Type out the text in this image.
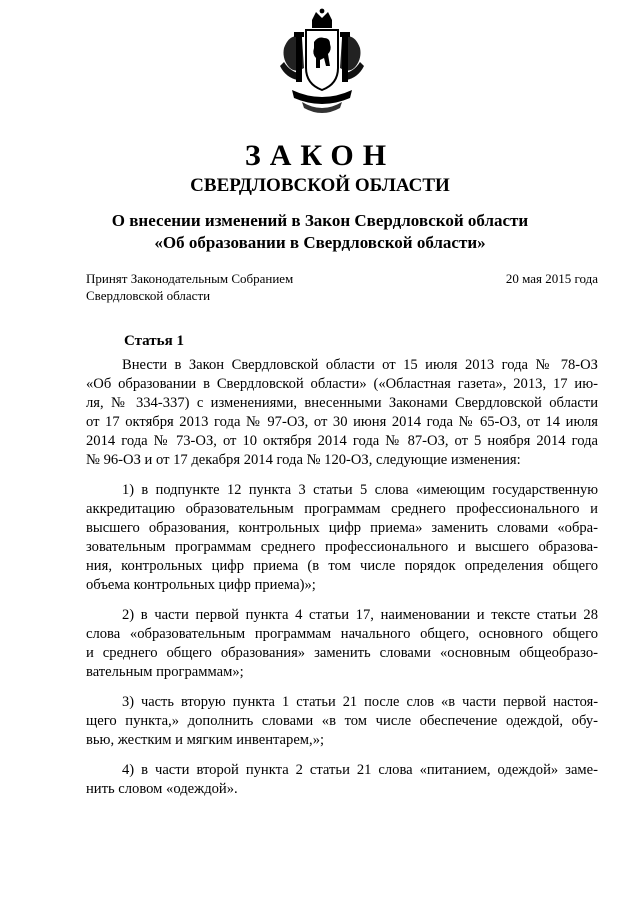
ЗАКОН
СВЕРДЛОВСКОЙ ОБЛАСТИ
О внесении изменений в Закон Свердловской области
«Об образовании в Свердловской области»
Принят Законодательным Собранием
Свердловской области
20 мая 2015 года
Статья 1
Внести в Закон Свердловской области от 15 июля 2013 года № 78-ОЗ
«Об образовании в Свердловской области» («Областная газета», 2013, 17 ию-
ля, № 334-337) с изменениями, внесенными Законами Свердловской области
от 17 октября 2013 года № 97-ОЗ, от 30 июня 2014 года № 65-ОЗ, от 14 июля
2014 года № 73-ОЗ, от 10 октября 2014 года № 87-ОЗ, от 5 ноября 2014 года
№ 96-ОЗ и от 17 декабря 2014 года № 120-ОЗ, следующие изменения:
1) в подпункте 12 пункта 3 статьи 5 слова «имеющим государственную
аккредитацию образовательным программам среднего профессионального и
высшего образования, контрольных цифр приема» заменить словами «обра-
зовательным программам среднего профессионального и высшего образова-
ния, контрольных цифр приема (в том числе порядок определения общего
объема контрольных цифр приема)»;
2) в части первой пункта 4 статьи 17, наименовании и тексте статьи 28
слова «образовательным программам начального общего, основного общего
и среднего общего образования» заменить словами «основным общеобразо-
вательным программам»;
3) часть вторую пункта 1 статьи 21 после слов «в части первой настоя-
щего пункта,» дополнить словами «в том числе обеспечение одеждой, обу-
вью, жестким и мягким инвентарем,»;
4) в части второй пункта 2 статьи 21 слова «питанием, одеждой» заме-
нить словом «одеждой».
